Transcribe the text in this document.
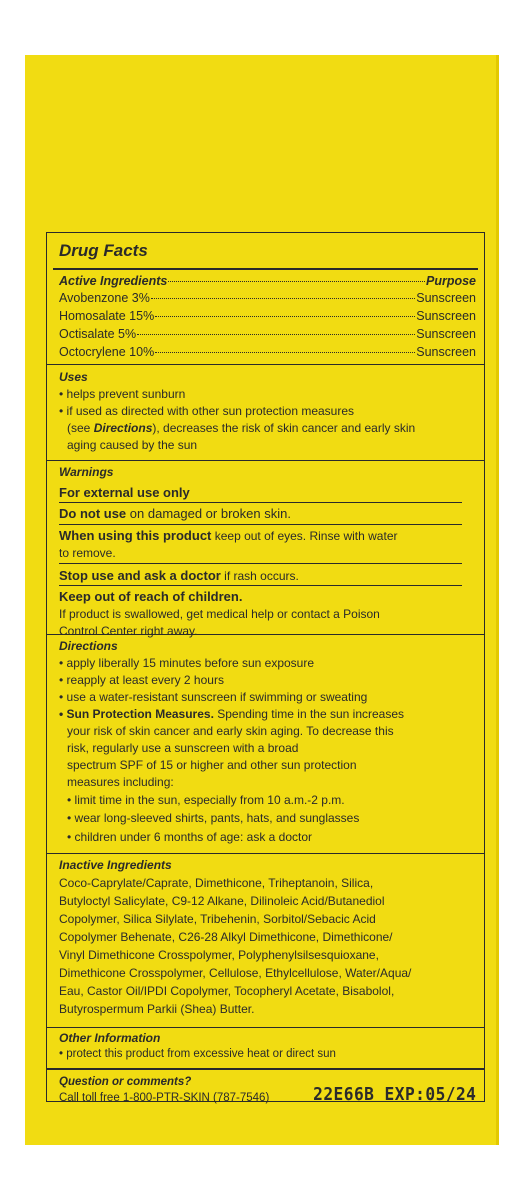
Drug Facts
Active Ingredients	Purpose
Avobenzone 3%	Sunscreen
Homosalate 15%	Sunscreen
Octisalate 5%	Sunscreen
Octocrylene 10%	Sunscreen
Uses
• helps prevent sunburn
• if used as directed with other sun protection measures
(see Directions), decreases the risk of skin cancer and early skin
aging caused by the sun
Warnings
For external use only
Do not use on damaged or broken skin.
When using this product keep out of eyes. Rinse with water
to remove.
Stop use and ask a doctor if rash occurs.
Keep out of reach of children.
If product is swallowed, get medical help or contact a Poison
Control Center right away.
Directions
• apply liberally 15 minutes before sun exposure
• reapply at least every 2 hours
• use a water-resistant sunscreen if swimming or sweating
• Sun Protection Measures. Spending time in the sun increases
your risk of skin cancer and early skin aging. To decrease this
risk, regularly use a sunscreen with a broad
spectrum SPF of 15 or higher and other sun protection
measures including:
• limit time in the sun, especially from 10 a.m.-2 p.m.
• wear long-sleeved shirts, pants, hats, and sunglasses
• children under 6 months of age: ask a doctor
Inactive Ingredients
Coco-Caprylate/Caprate, Dimethicone, Triheptanoin, Silica,
Butyloctyl Salicylate, C9-12 Alkane, Dilinoleic Acid/Butanediol
Copolymer, Silica Silylate, Tribehenin, Sorbitol/Sebacic Acid
Copolymer Behenate, C26-28 Alkyl Dimethicone, Dimethicone/
Vinyl Dimethicone Crosspolymer, Polyphenylsilsesquioxane,
Dimethicone Crosspolymer, Cellulose, Ethylcellulose, Water/Aqua/
Eau, Castor Oil/IPDI Copolymer, Tocopheryl Acetate, Bisabolol,
Butyrospermum Parkii (Shea) Butter.
Other Information
• protect this product from excessive heat or direct sun
Question or comments?
Call toll free 1-800-PTR-SKIN (787-7546) 22E66B EXP:05/24
